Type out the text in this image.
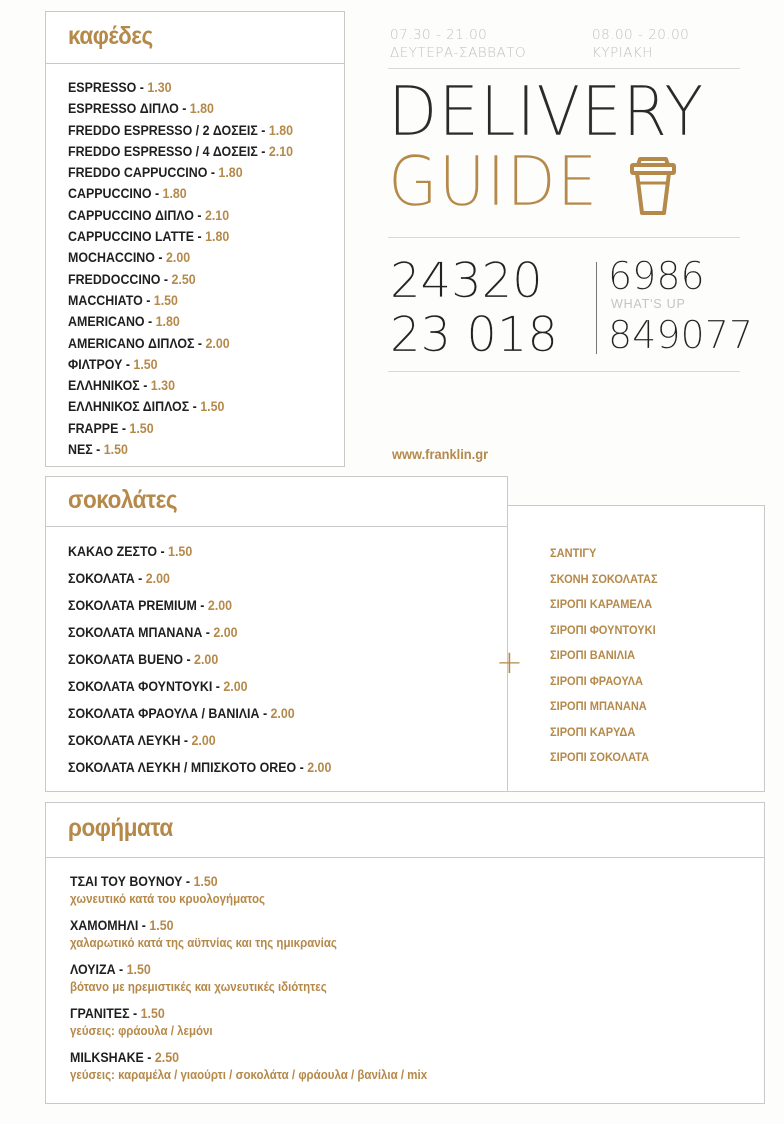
καφέδες
ESPRESSO - 1.30
ESPRESSO ΔΙΠΛΟ - 1.80
FREDDO ESPRESSO / 2 ΔΟΣΕΙΣ - 1.80
FREDDO ESPRESSO / 4 ΔΟΣΕΙΣ - 2.10
FREDDO CAPPUCCINO - 1.80
CAPPUCCINO - 1.80
CAPPUCCINO ΔΙΠΛΟ - 2.10
CAPPUCCINO LATTE - 1.80
MOCHACCINO - 2.00
FREDDOCCINO - 2.50
MACCHIATO - 1.50
AMERICANO - 1.80
AMERICANO ΔΙΠΛΟΣ - 2.00
ΦΙΛΤΡΟΥ - 1.50
ΕΛΛΗΝΙΚΟΣ - 1.30
ΕΛΛΗΝΙΚΟΣ ΔΙΠΛΟΣ - 1.50
FRAPPE - 1.50
ΝΕΣ - 1.50
07.30 - 21.00
ΔΕΥΤΕΡΑ-ΣΑΒΒΑΤΟ
08.00 - 20.00
ΚΥΡΙΑΚΗ
DELIVERY
GUIDE
24320
23 018
6986
WHAT'S UP
849077
www.franklin.gr
σοκολάτες
ΚΑΚΑΟ ΖΕΣΤΟ - 1.50
ΣΟΚΟΛΑΤΑ - 2.00
ΣΟΚΟΛΑΤΑ PREMIUM - 2.00
ΣΟΚΟΛΑΤΑ ΜΠΑΝΑΝΑ - 2.00
ΣΟΚΟΛΑΤΑ BUENO - 2.00
ΣΟΚΟΛΑΤΑ ΦΟΥΝΤΟΥΚΙ - 2.00
ΣΟΚΟΛΑΤΑ ΦΡΑΟΥΛΑ / ΒΑΝΙΛΙΑ - 2.00
ΣΟΚΟΛΑΤΑ ΛΕΥΚΗ - 2.00
ΣΟΚΟΛΑΤΑ ΛΕΥΚΗ / ΜΠΙΣΚΟΤΟ OREO - 2.00
+
ΣΑΝΤΙΓΥ
ΣΚΟΝΗ ΣΟΚΟΛΑΤΑΣ
ΣΙΡΟΠΙ ΚΑΡΑΜΕΛΑ
ΣΙΡΟΠΙ ΦΟΥΝΤΟΥΚΙ
ΣΙΡΟΠΙ ΒΑΝΙΛΙΑ
ΣΙΡΟΠΙ ΦΡΑΟΥΛΑ
ΣΙΡΟΠΙ ΜΠΑΝΑΝΑ
ΣΙΡΟΠΙ ΚΑΡΥΔΑ
ΣΙΡΟΠΙ ΣΟΚΟΛΑΤΑ
ροφήματα
ΤΣΑΙ ΤΟΥ ΒΟΥΝΟΥ - 1.50
χωνευτικό κατά του κρυολογήματος
ΧΑΜΟΜΗΛΙ - 1.50
χαλαρωτικό κατά της αϋπνίας και της ημικρανίας
ΛΟΥΙΖΑ - 1.50
βότανο με ηρεμιστικές και χωνευτικές ιδιότητες
ΓΡΑΝΙΤΕΣ - 1.50
γεύσεις: φράουλα / λεμόνι
MILKSHAKE - 2.50
γεύσεις: καραμέλα / γιαούρτι / σοκολάτα / φράουλα / βανίλια / mix
